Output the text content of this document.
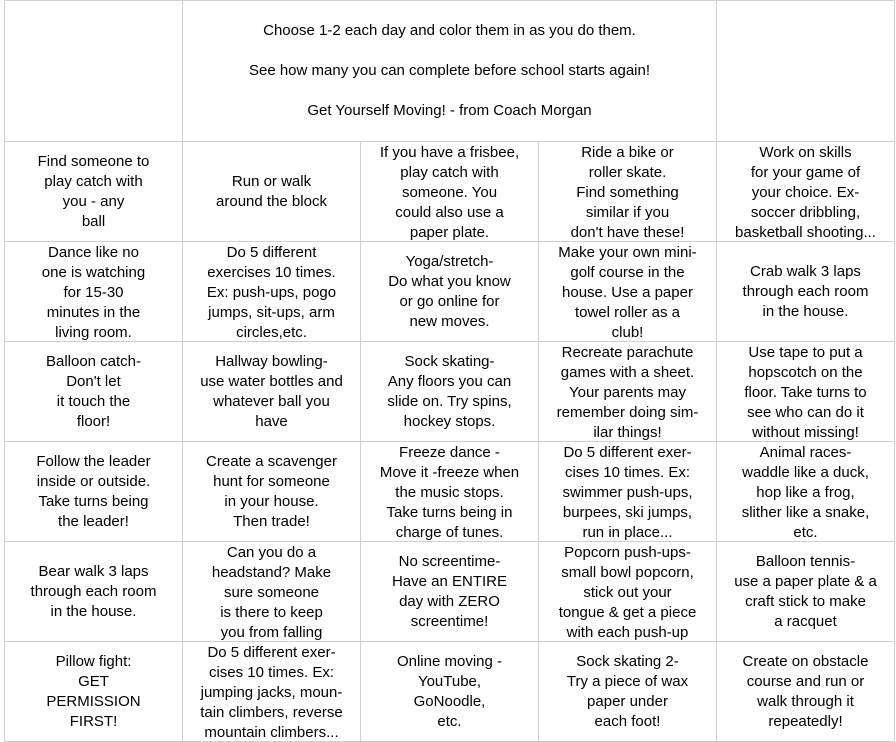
	Choose 1-2 each day and color them in as you do them.

See how many you can complete before school starts again!

Get Yourself Moving! - from Coach Morgan			

Find someone to
play catch with
you - any
ball	Run or walk
around the block	If you have a frisbee,
play catch with
someone. You
could also use a
paper plate.	Ride a bike or
roller skate.
Find something
similar if you
don't have these!	Work on skills
for your game of
your choice. Ex-
soccer dribbling,
basketball shooting...

Dance like no
one is watching
for 15-30
minutes in the
living room.	Do 5 different
exercises 10 times.
Ex: push-ups, pogo
jumps, sit-ups, arm
circles,etc.	Yoga/stretch-
Do what you know
or go online for
new moves.	Make your own mini-
golf course in the
house. Use a paper
towel roller as a
club!	Crab walk 3 laps
through each room
in the house.

Balloon catch-
Don't let
it touch the
floor!	Hallway bowling-
use water bottles and
whatever ball you
have	Sock skating-
Any floors you can
slide on. Try spins,
hockey stops.	Recreate parachute
games with a sheet.
Your parents may
remember doing sim-
ilar things!	Use tape to put a
hopscotch on the
floor. Take turns to
see who can do it
without missing!

Follow the leader
inside or outside.
Take turns being
the leader!	Create a scavenger
hunt for someone
in your house.
Then trade!	Freeze dance -
Move it -freeze when
the music stops.
Take turns being in
charge of tunes.	Do 5 different exer-
cises 10 times. Ex:
swimmer push-ups,
burpees, ski jumps,
run in place...	Animal races-
waddle like a duck,
hop like a frog,
slither like a snake,
etc.

Bear walk 3 laps
through each room
in the house.	Can you do a
headstand? Make
sure someone
is there to keep
you from falling	No screentime-
Have an ENTIRE
day with ZERO
screentime!	Popcorn push-ups-
small bowl popcorn,
stick out your
tongue & get a piece
with each push-up	Balloon tennis-
use a paper plate & a
craft stick to make
a racquet

Pillow fight:
GET
PERMISSION
FIRST!	Do 5 different exer-
cises 10 times. Ex:
jumping jacks, moun-
tain climbers, reverse
mountain climbers...	Online moving -
YouTube,
GoNoodle,
etc.	Sock skating 2-
Try a piece of wax
paper under
each foot!	Create on obstacle
course and run or
walk through it
repeatedly!
